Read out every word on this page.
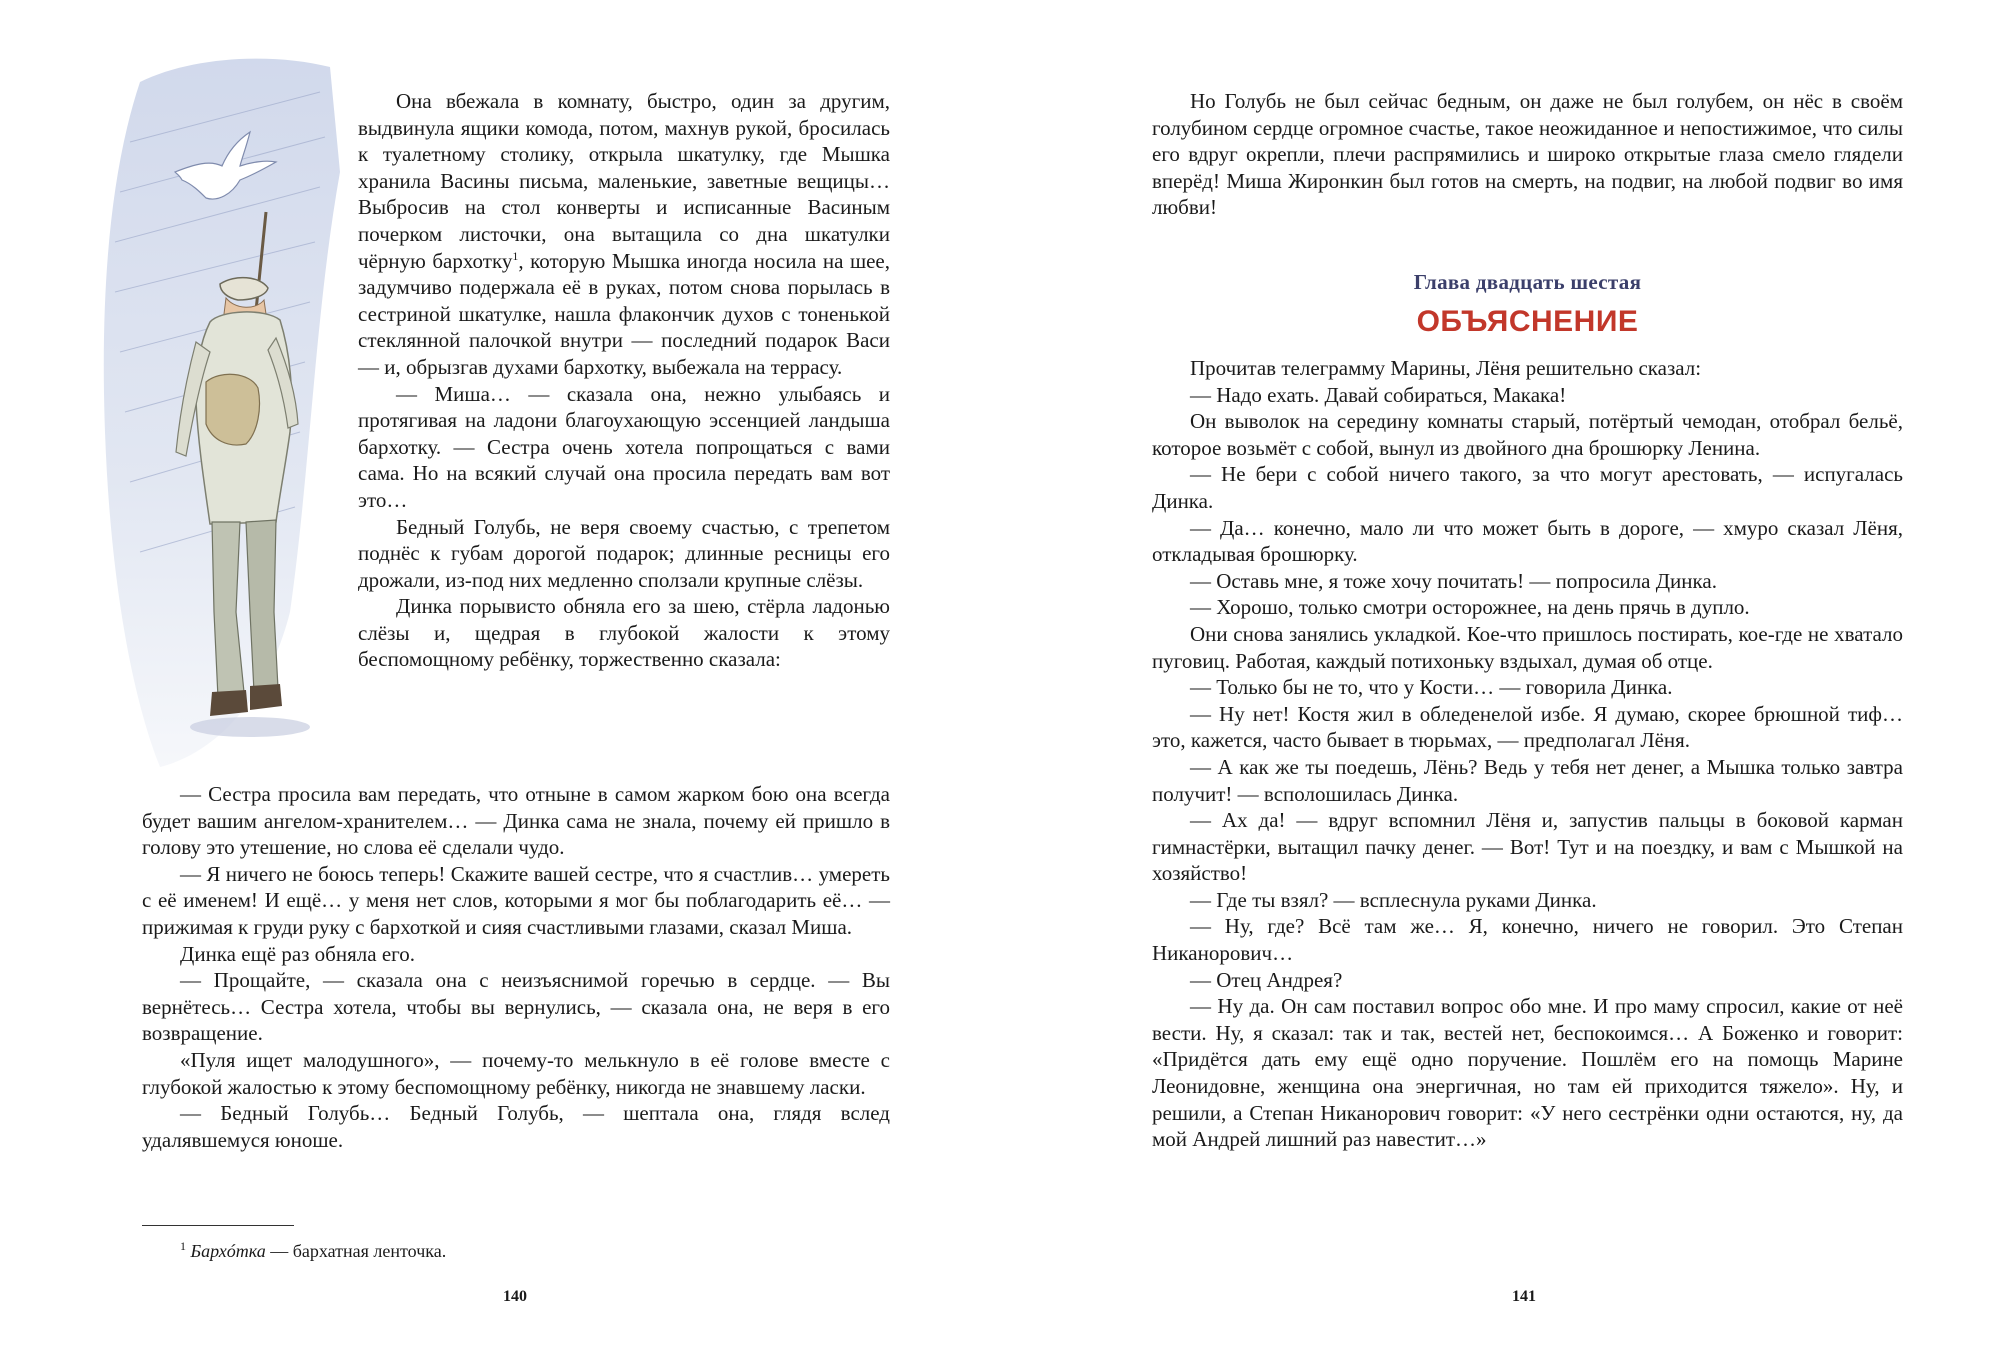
Она вбежала в комнату, быстро, один за другим, выдвинула ящики комода, потом, махнув рукой, бросилась к туалетному столику, открыла шкатулку, где Мышка хранила Васины письма, маленькие, заветные вещицы… Выбросив на стол конверты и исписанные Васиным почерком листочки, она вытащила со дна шкатулки чёрную бархотку$^1$, которую Мышка иногда носила на шее, задумчиво подержала её в руках, потом снова порылась в сестриной шкатулке, нашла флакончик духов с тоненькой стеклянной палочкой внутри — последний подарок Васи — и, обрызгав духами бархотку, выбежала на террасу.

— Миша… — сказала она, нежно улыбаясь и протягивая на ладони благоухающую эссенцией ландыша бархотку. — Сестра очень хотела попрощаться с вами сама. Но на всякий случай она просила передать вам вот это…

Бедный Голубь, не веря своему счастью, с трепетом поднёс к губам дорогой подарок; длинные ресницы его дрожали, из-под них медленно сползали крупные слёзы.

Динка порывисто обняла его за шею, стёрла ладонью слёзы и, щедрая в глубокой жалости к этому беспомощному ребёнку, торжественно сказала:

— Сестра просила вам передать, что отныне в самом жарком бою она всегда будет вашим ангелом-хранителем… — Динка сама не знала, почему ей пришло в голову это утешение, но слова её сделали чудо.

— Я ничего не боюсь теперь! Скажите вашей сестре, что я счастлив… умереть с её именем! И ещё… у меня нет слов, которыми я мог бы поблагодарить её… — прижимая к груди руку с бархоткой и сияя счастливыми глазами, сказал Миша.

Динка ещё раз обняла его.

— Прощайте, — сказала она с неизъяснимой горечью в сердце. — Вы вернётесь… Сестра хотела, чтобы вы вернулись, — сказала она, не веря в его возвращение.

«Пуля ищет малодушного», — почему-то мелькнуло в её голове вместе с глубокой жалостью к этому беспомощному ребёнку, никогда не знавшему ласки.

— Бедный Голубь… Бедный Голубь, — шептала она, глядя вслед удалявшемуся юноше.

$^1$ Бархóтка — бархатная ленточка.
140

Но Голубь не был сейчас бедным, он даже не был голубем, он нёс в своём голубином сердце огромное счастье, такое неожиданное и непостижимое, что силы его вдруг окрепли, плечи распрямились и широко открытые глаза смело глядели вперёд! Миша Жиронкин был готов на смерть, на подвиг, на любой подвиг во имя любви!

Глава двадцать шестая
ОБЪЯСНЕНИЕ

Прочитав телеграмму Марины, Лёня решительно сказал:

— Надо ехать. Давай собираться, Макака!

Он выволок на середину комнаты старый, потёртый чемодан, отобрал бельё, которое возьмёт с собой, вынул из двойного дна брошюрку Ленина.

— Не бери с собой ничего такого, за что могут арестовать, — испугалась Динка.

— Да… конечно, мало ли что может быть в дороге, — хмуро сказал Лёня, откладывая брошюрку.

— Оставь мне, я тоже хочу почитать! — попросила Динка.

— Хорошо, только смотри осторожнее, на день прячь в дупло.

Они снова занялись укладкой. Кое-что пришлось постирать, кое-где не хватало пуговиц. Работая, каждый потихоньку вздыхал, думая об отце.

— Только бы не то, что у Кости… — говорила Динка.

— Ну нет! Костя жил в обледенелой избе. Я думаю, скорее брюшной тиф… это, кажется, часто бывает в тюрьмах, — предполагал Лёня.

— А как же ты поедешь, Лёнь? Ведь у тебя нет денег, а Мышка только завтра получит! — всполошилась Динка.

— Ах да! — вдруг вспомнил Лёня и, запустив пальцы в боковой карман гимнастёрки, вытащил пачку денег. — Вот! Тут и на поездку, и вам с Мышкой на хозяйство!

— Где ты взял? — всплеснула руками Динка.

— Ну, где? Всё там же… Я, конечно, ничего не говорил. Это Степан Никанорович…

— Отец Андрея?

— Ну да. Он сам поставил вопрос обо мне. И про маму спросил, какие от неё вести. Ну, я сказал: так и так, вестей нет, беспокоимся… А Боженко и говорит: «Придётся дать ему ещё одно поручение. Пошлём его на помощь Марине Леонидовне, женщина она энергичная, но там ей приходится тяжело». Ну, и решили, а Степан Никанорович говорит: «У него сестрёнки одни остаются, ну, да мой Андрей лишний раз навестит…»

141
